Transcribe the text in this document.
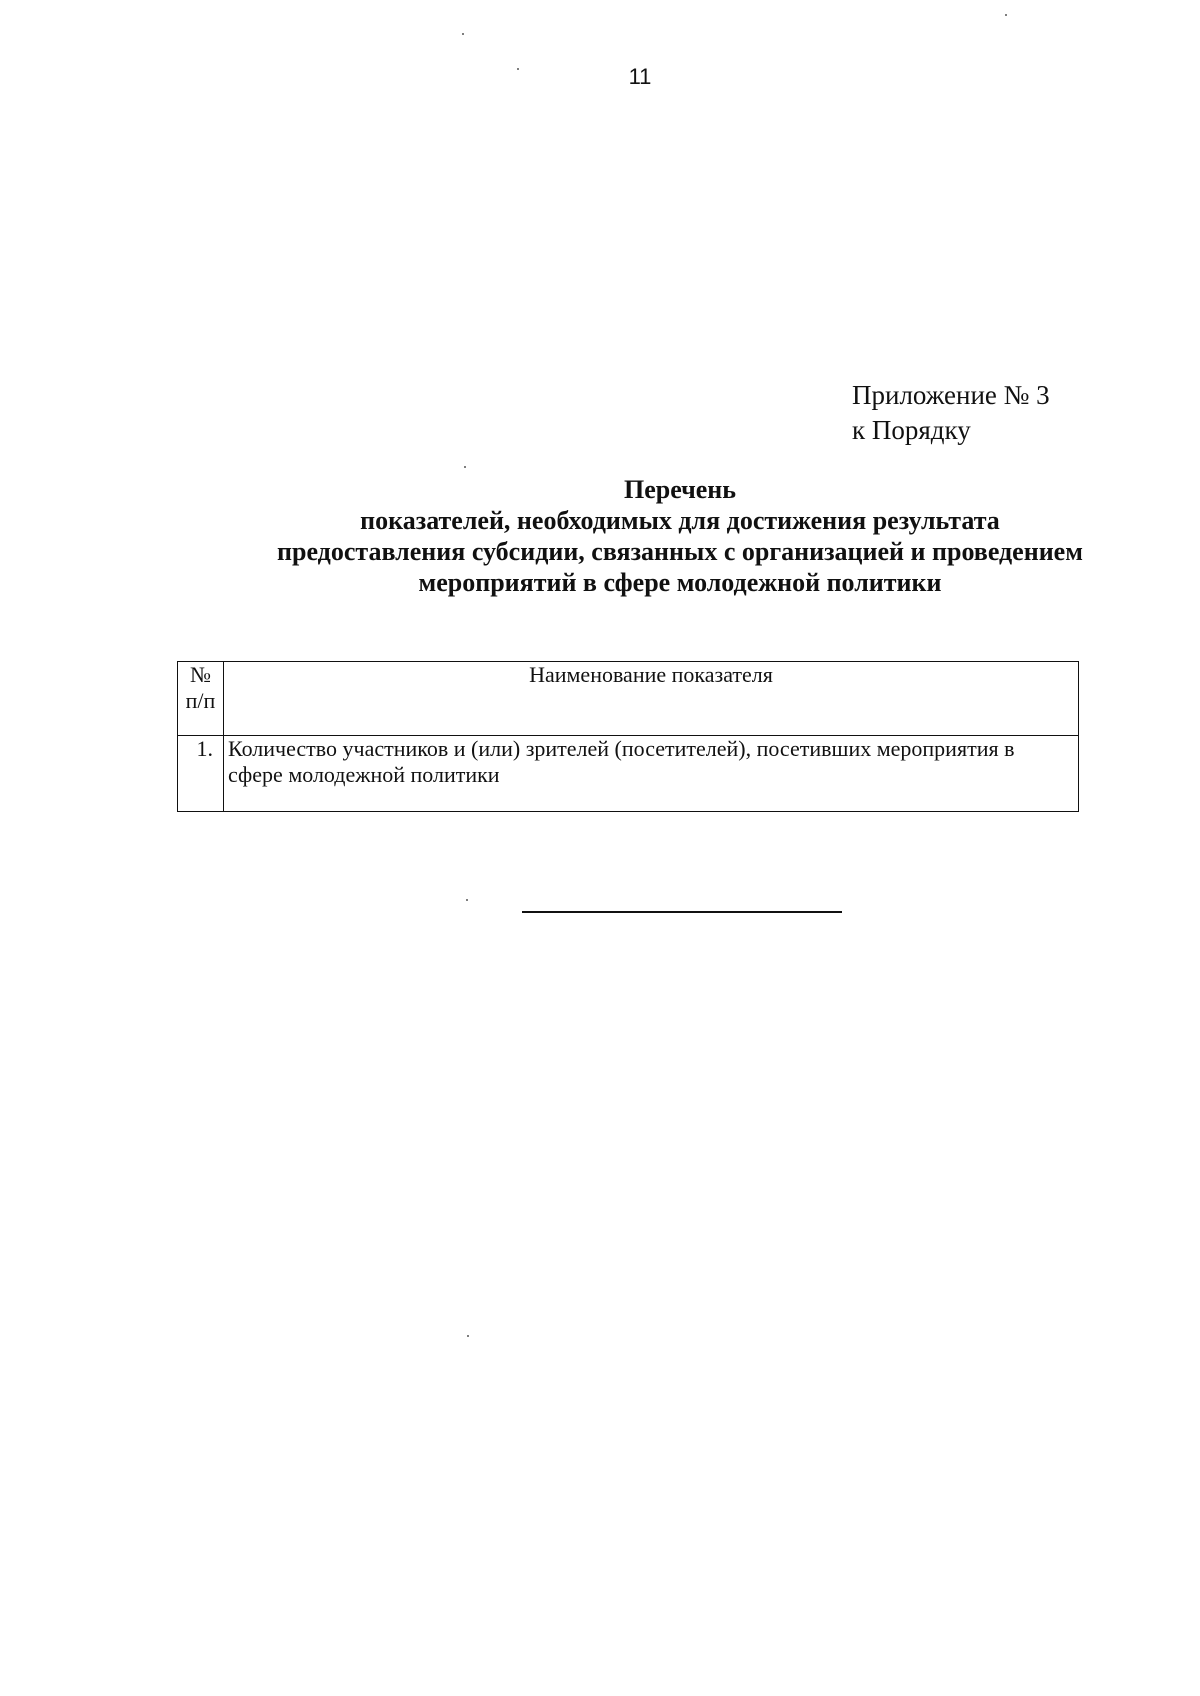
11
Приложение № 3
к Порядку
Перечень
показателей, необходимых для достижения результата
предоставления субсидии, связанных с организацией и проведением
мероприятий в сфере молодежной политики
№
п/п	Наименование показателя
1.	Количество участников и (или) зрителей (посетителей), посетивших мероприятия в сфере молодежной политики
